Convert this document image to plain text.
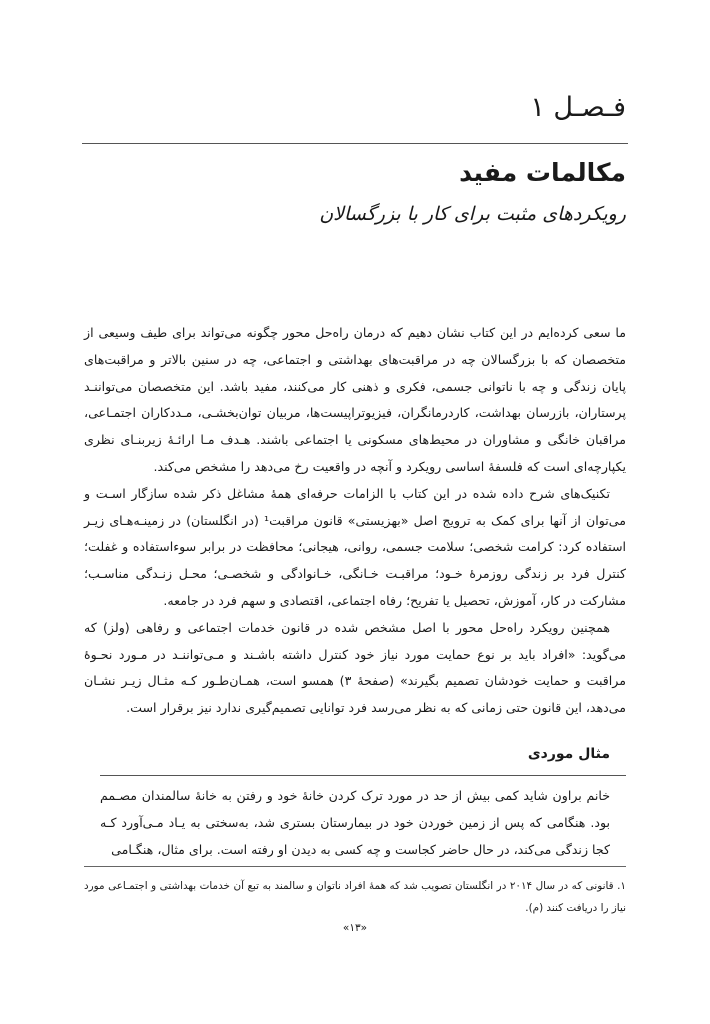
فـصـل ۱
مکالمات مفید
رویکردهای مثبت برای کار با بزرگسالان

ما سعی کرده‌ایم در این کتاب نشان دهیم که درمان راه‌حل محور چگونه می‌تواند برای طیف وسیعی از متخصصان که با بزرگسالان چه در مراقبت‌های بهداشتی و اجتماعی، چه در سنین بالاتر و مراقبت‌های پایان زندگی و چه با ناتوانی جسمی، فکری و ذهنی کار می‌کنند، مفید باشد. این متخصصان می‌تواننـد پرستاران، بازرسان بهداشت، کاردرمانگران، فیزیوتراپیست‌ها، مربیان توان‌بخشـی، مـددکاران اجتمـاعی، مراقبان خانگی و مشاوران در محیط‌های مسکونی یا اجتماعی باشند. هـدف مـا ارائـهٔ زیربنـای نظری یکپارچه‌ای است که فلسفهٔ اساسی رویکرد و آنچه در واقعیت رخ می‌دهد را مشخص می‌کند.

تکنیک‌های شرح داده شده در این کتاب با الزامات حرفه‌ای همهٔ مشاغل ذکر شده سازگار اسـت و می‌توان از آنها برای کمک به ترویج اصل «بهزیستی» قانون مراقبت¹ (در انگلستان) در زمینـه‌هـای زیـر استفاده کرد: کرامت شخصی؛ سلامت جسمی، روانی، هیجانی؛ محافظت در برابر سوءاستفاده و غفلت؛ کنترل فرد بر زندگی روزمرهٔ خـود؛ مراقبـت خـانگی، خـانوادگی و شخصـی؛ محـل زنـدگی مناسـب؛ مشارکت در کار، آموزش، تحصیل یا تفریح؛ رفاه اجتماعی، اقتصادی و سهم فرد در جامعه.

همچنین رویکرد راه‌حل محور با اصل مشخص شده در قانون خدمات اجتماعی و رفاهی (ولز) که می‌گوید: «افراد باید بر نوع حمایت مورد نیاز خود کنترل داشته باشـند و مـی‌تواننـد در مـورد نحـوهٔ مراقبت و حمایت خودشان تصمیم بگیرند» (صفحهٔ ۳) همسو است، همـان‌طـور کـه مثـال زیـر نشـان می‌دهد، این قانون حتی زمانی که به نظر می‌رسد فرد توانایی تصمیم‌گیری ندارد نیز برقرار است.

مثال موردی

خانم براون شاید کمی بیش از حد در مورد ترک کردن خانهٔ خود و رفتن به خانهٔ سالمندان مصـمم بود. هنگامی که پس از زمین خوردن خود در بیمارستان بستری شد، به‌سختی به یـاد مـی‌آورد کـه کجا زندگی می‌کند، در حال حاضر کجاست و چه کسی به دیدن او رفته است. برای مثال، هنگـامی

۱. قانونی که در سال ۲۰۱۴ در انگلستان تصویب شد که همهٔ افراد ناتوان و سالمند به تبع آن خدمات بهداشتی و اجتمـاعی مورد نیاز را دریافت کنند (م).

«۱۳»
